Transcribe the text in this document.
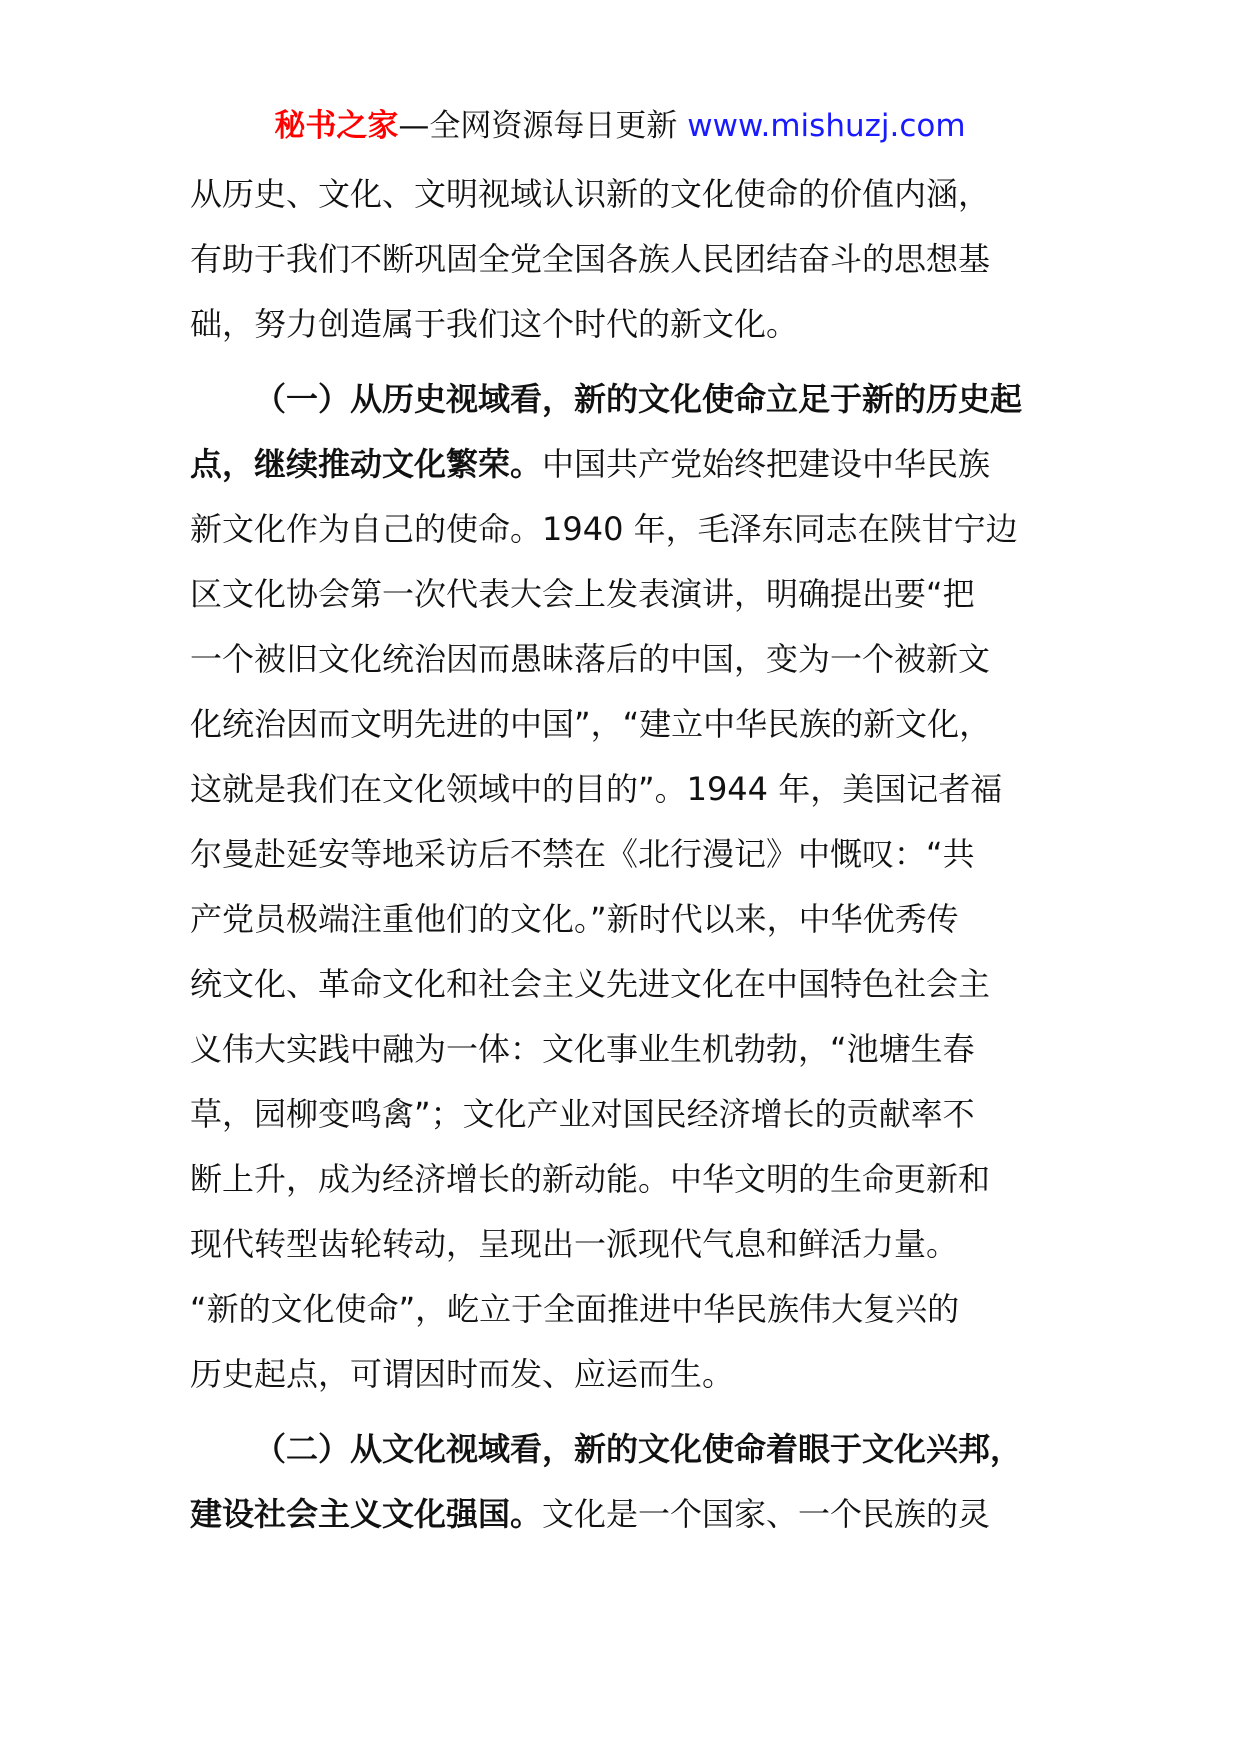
秘书之家—全网资源每日更新 www.mishuzj.com
从历史、文化、文明视域认识新的文化使命的价值内涵，
有助于我们不断巩固全党全国各族人民团结奋斗的思想基
础，努力创造属于我们这个时代的新文化。
（一）从历史视域看，新的文化使命立足于新的历史起
点，继续推动文化繁荣。中国共产党始终把建设中华民族
新文化作为自己的使命。1940 年，毛泽东同志在陕甘宁边
区文化协会第一次代表大会上发表演讲，明确提出要“把
一个被旧文化统治因而愚昧落后的中国，变为一个被新文
化统治因而文明先进的中国”，“建立中华民族的新文化，
这就是我们在文化领域中的目的”。1944 年，美国记者福
尔曼赴延安等地采访后不禁在《北行漫记》中慨叹：“共
产党员极端注重他们的文化。”新时代以来，中华优秀传
统文化、革命文化和社会主义先进文化在中国特色社会主
义伟大实践中融为一体：文化事业生机勃勃，“池塘生春
草，园柳变鸣禽”；文化产业对国民经济增长的贡献率不
断上升，成为经济增长的新动能。中华文明的生命更新和
现代转型齿轮转动，呈现出一派现代气息和鲜活力量。
“新的文化使命”，屹立于全面推进中华民族伟大复兴的
历史起点，可谓因时而发、应运而生。
（二）从文化视域看，新的文化使命着眼于文化兴邦，
建设社会主义文化强国。文化是一个国家、一个民族的灵
